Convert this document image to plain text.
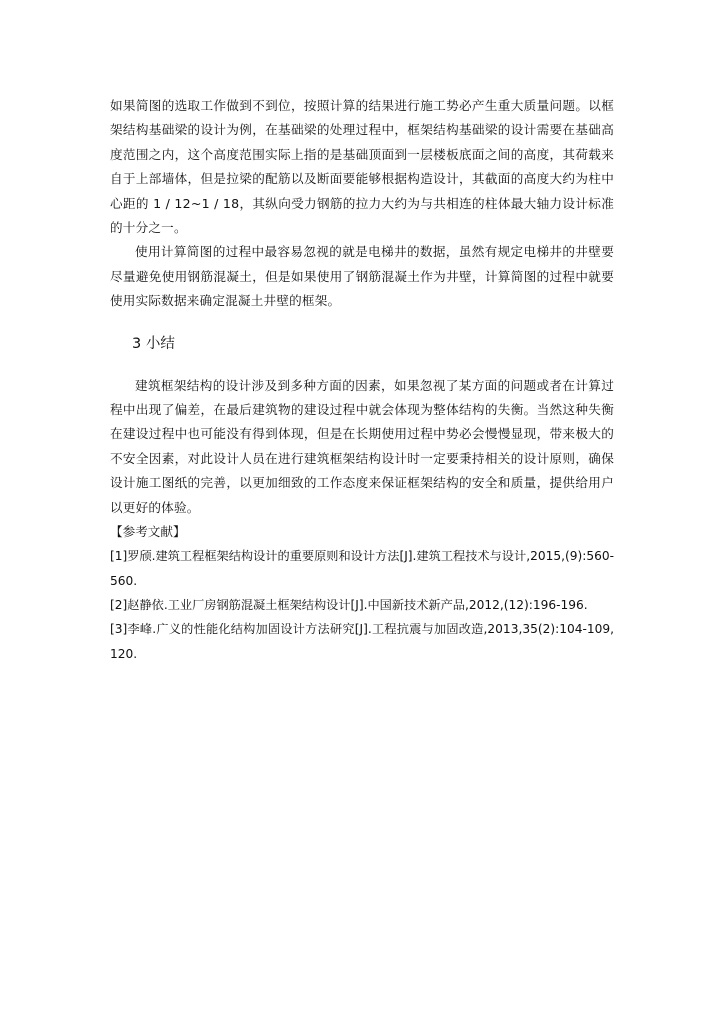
如果简图的选取工作做到不到位，按照计算的结果进行施工势必产生重大质量问题。以框架结构基础梁的设计为例，在基础梁的处理过程中，框架结构基础梁的设计需要在基础高度范围之内，这个高度范围实际上指的是基础顶面到一层楼板底面之间的高度，其荷载来自于上部墙体，但是拉梁的配筋以及断面要能够根据构造设计，其截面的高度大约为柱中心距的 1 / 12~1 / 18，其纵向受力钢筋的拉力大约为与共相连的柱体最大轴力设计标准的十分之一。

使用计算简图的过程中最容易忽视的就是电梯井的数据，虽然有规定电梯井的井壁要尽量避免使用钢筋混凝土，但是如果使用了钢筋混凝土作为井壁，计算简图的过程中就要使用实际数据来确定混凝土井壁的框架。

3 小结

建筑框架结构的设计涉及到多种方面的因素，如果忽视了某方面的问题或者在计算过程中出现了偏差，在最后建筑物的建设过程中就会体现为整体结构的失衡。当然这种失衡在建设过程中也可能没有得到体现，但是在长期使用过程中势必会慢慢显现，带来极大的不安全因素，对此设计人员在进行建筑框架结构设计时一定要秉持相关的设计原则，确保设计施工图纸的完善，以更加细致的工作态度来保证框架结构的安全和质量，提供给用户以更好的体验。

【参考文献】

[1]罗颀.建筑工程框架结构设计的重要原则和设计方法[J].建筑工程技术与设计,2015,(9):560-560.

[2]赵静依.工业厂房钢筋混凝土框架结构设计[J].中国新技术新产品,2012,(12):196-196.

[3]李峰.广义的性能化结构加固设计方法研究[J].工程抗震与加固改造,2013,35(2):104-109,120.
